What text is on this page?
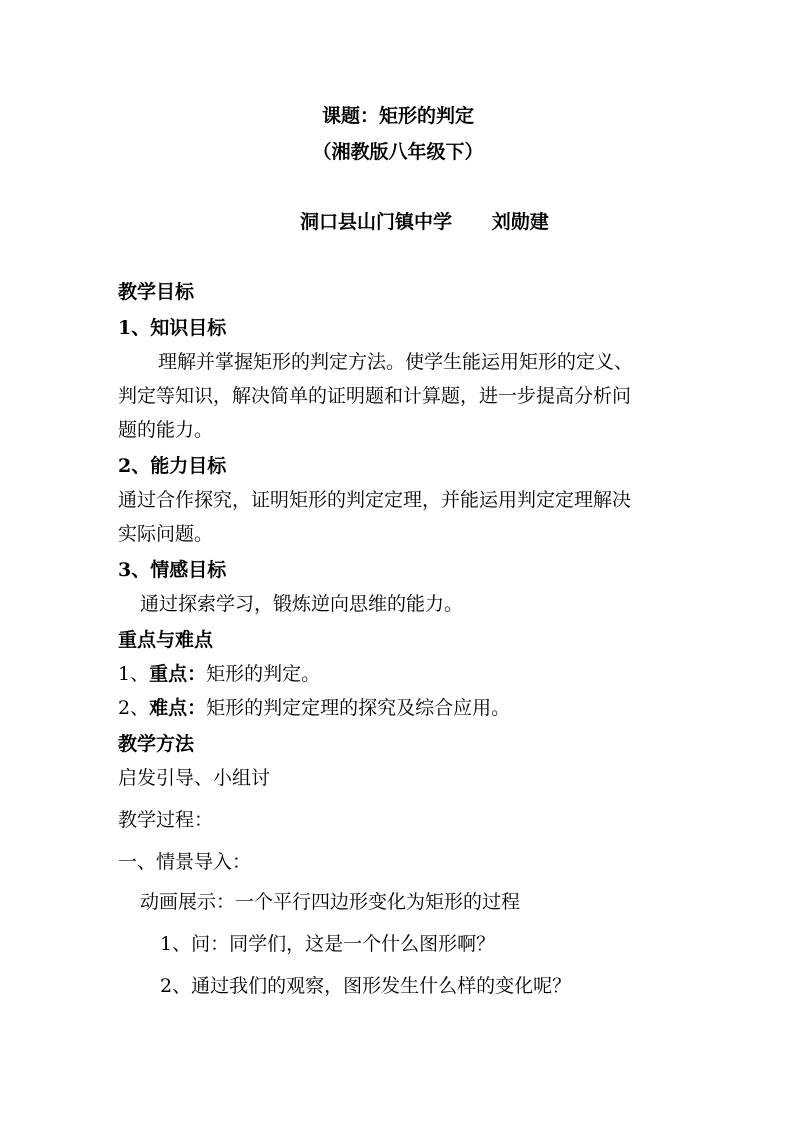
课题：矩形的判定
（湘教版八年级下）
洞口县山门镇中学      刘勋建
教学目标
1、知识目标
理解并掌握矩形的判定方法。使学生能运用矩形的定义、
判定等知识，解决简单的证明题和计算题，进一步提高分析问
题的能力。
2、能力目标
通过合作探究，证明矩形的判定定理，并能运用判定定理解决
实际问题。
3、情感目标
通过探索学习，锻炼逆向思维的能力。
重点与难点
1、重点：矩形的判定。
2、难点：矩形的判定定理的探究及综合应用。
教学方法
启发引导、小组讨
教学过程：
一、情景导入：
动画展示：一个平行四边形变化为矩形的过程
1、问：同学们，这是一个什么图形啊？
2、通过我们的观察，图形发生什么样的变化呢？
